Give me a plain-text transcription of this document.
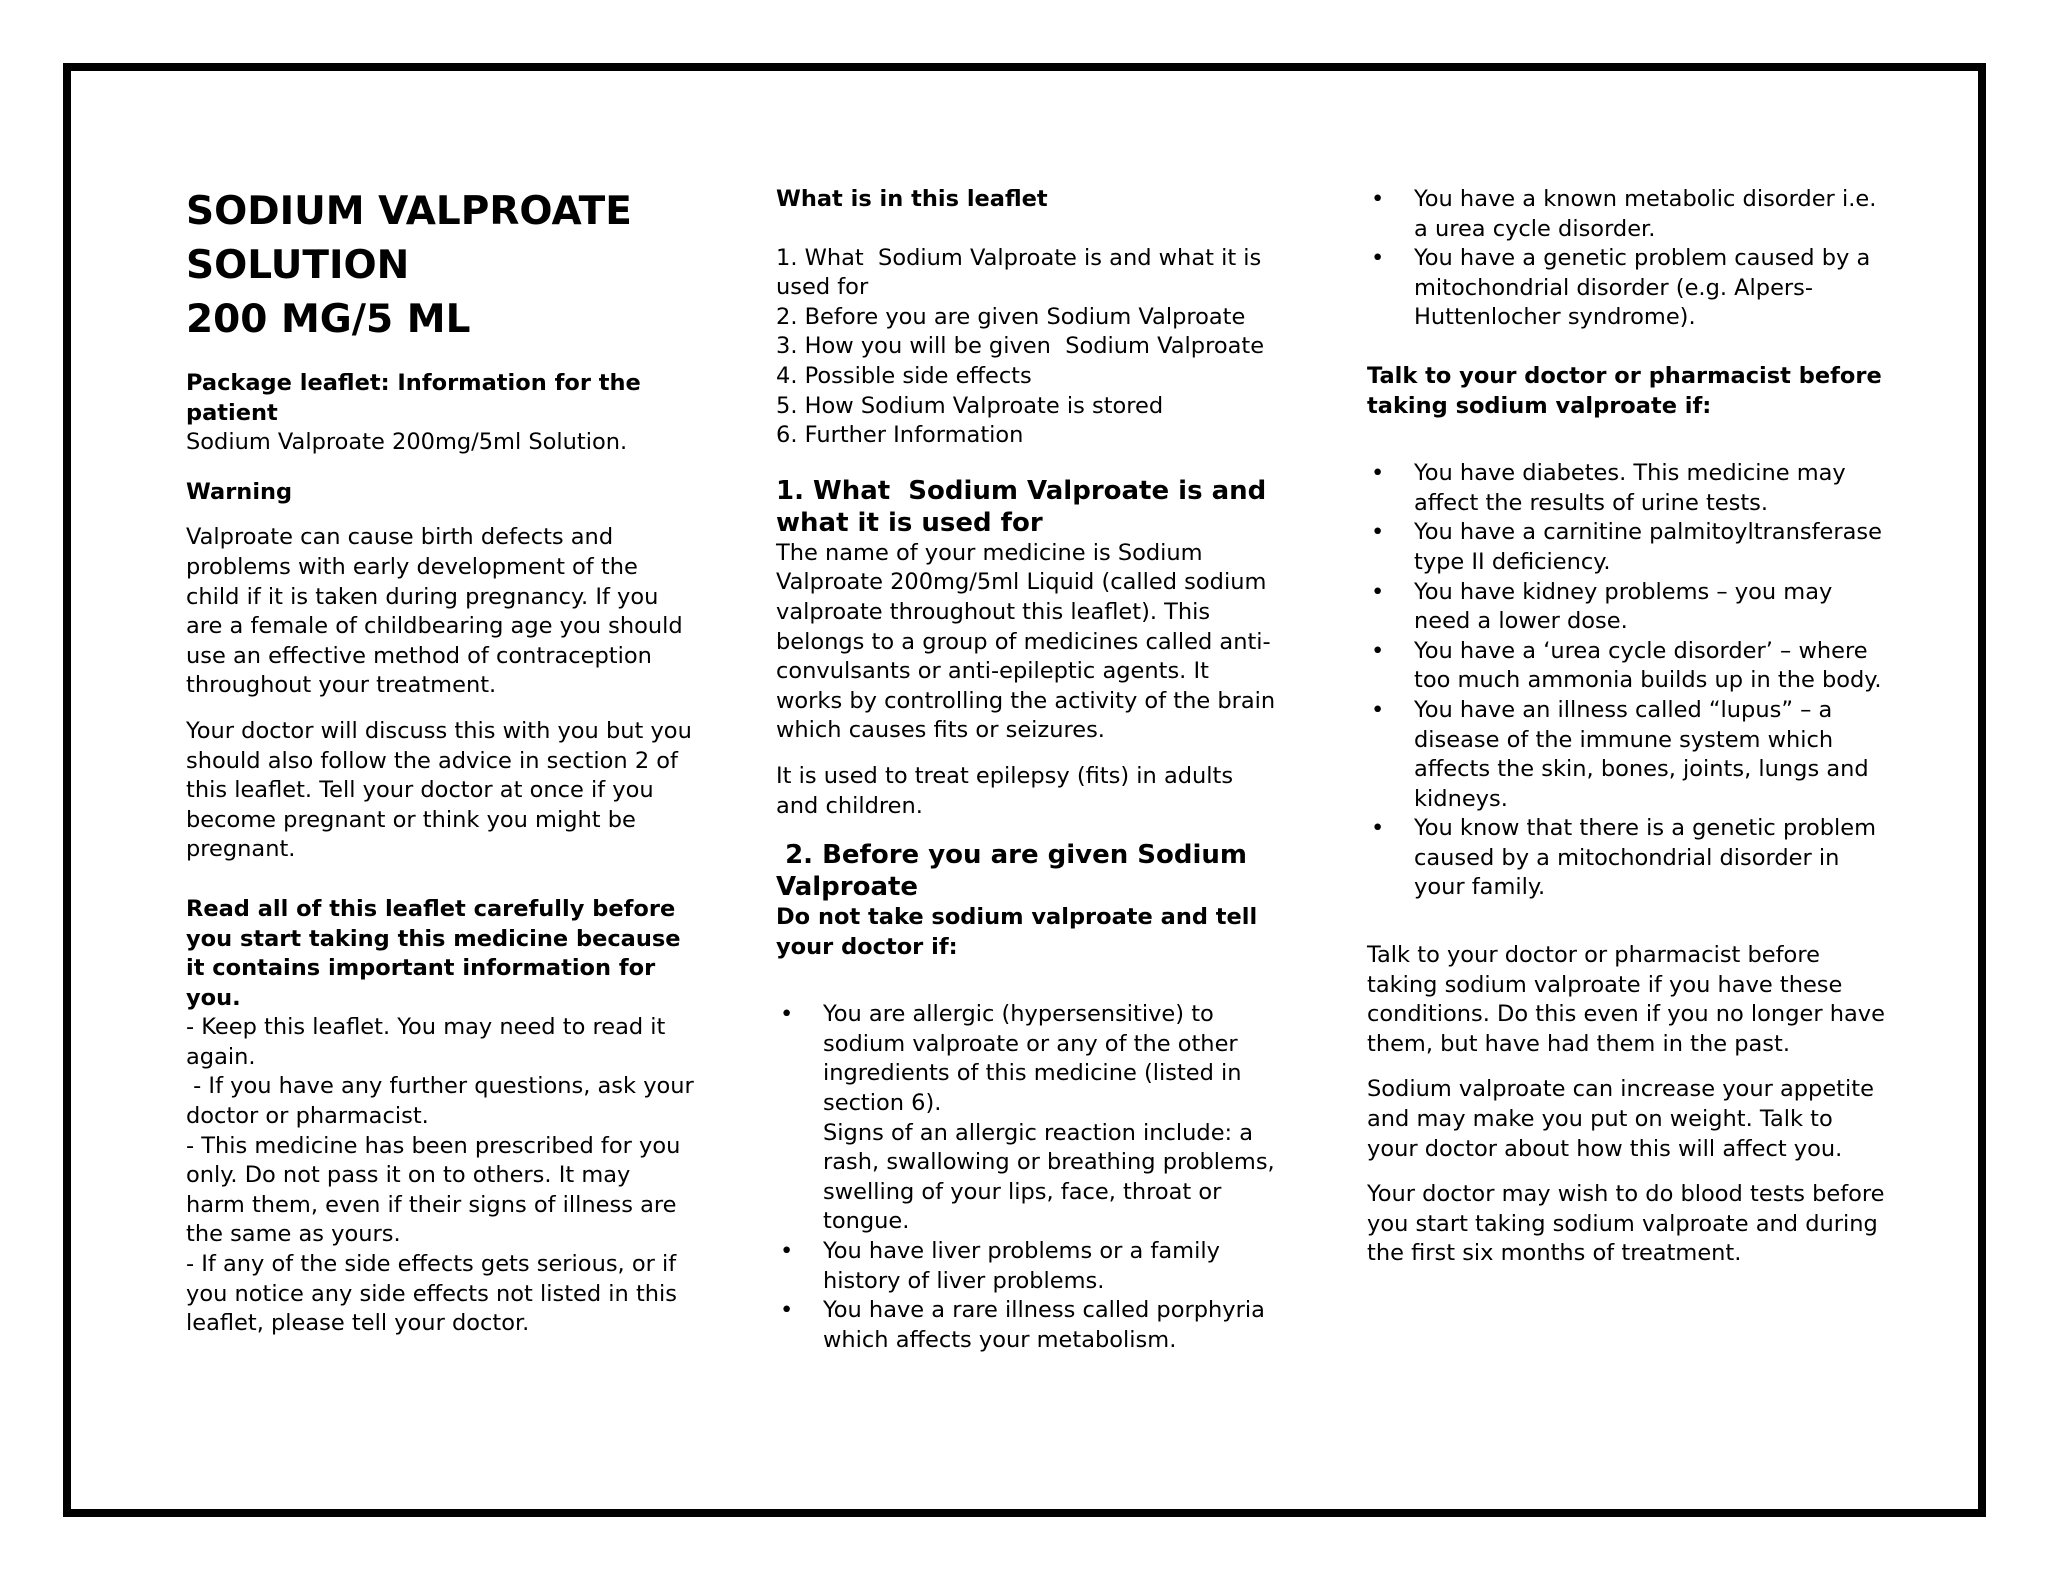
SODIUM VALPROATE
SOLUTION
200 MG/5 ML

Package leaflet: Information for the patient

Sodium Valproate 200mg/5ml Solution.

Warning

Valproate can cause birth defects and problems with early development of the child if it is taken during pregnancy. If you are a female of childbearing age you should use an effective method of contraception throughout your treatment.

Your doctor will discuss this with you but you should also follow the advice in section 2 of this leaflet. Tell your doctor at once if you become pregnant or think you might be pregnant.

Read all of this leaflet carefully before you start taking this medicine because it contains important information for you.

- Keep this leaflet. You may need to read it again.

- If you have any further questions, ask your doctor or pharmacist.

- This medicine has been prescribed for you only. Do not pass it on to others. It may harm them, even if their signs of illness are the same as yours.

- If any of the side effects gets serious, or if you notice any side effects not listed in this leaflet, please tell your doctor.

What is in this leaflet

1. What  Sodium Valproate is and what it is used for
2. Before you are given Sodium Valproate
3. How you will be given  Sodium Valproate
4. Possible side effects
5. How Sodium Valproate is stored
6. Further Information

1. What  Sodium Valproate is and what it is used for

The name of your medicine is Sodium Valproate 200mg/5ml Liquid (called sodium valproate throughout this leaflet). This belongs to a group of medicines called anti-convulsants or anti-epileptic agents. It works by controlling the activity of the brain which causes fits or seizures.

It is used to treat epilepsy (fits) in adults and children.

2. Before you are given Sodium Valproate

Do not take sodium valproate and tell your doctor if:

• You are allergic (hypersensitive) to sodium valproate or any of the other ingredients of this medicine (listed in section 6).
Signs of an allergic reaction include: a rash, swallowing or breathing problems, swelling of your lips, face, throat or tongue.
• You have liver problems or a family history of liver problems.
• You have a rare illness called porphyria which affects your metabolism.
• You have a known metabolic disorder i.e. a urea cycle disorder.
• You have a genetic problem caused by a mitochondrial disorder (e.g. Alpers-Huttenlocher syndrome).

Talk to your doctor or pharmacist before taking sodium valproate if:

• You have diabetes. This medicine may affect the results of urine tests.
• You have a carnitine palmitoyltransferase type II deficiency.
• You have kidney problems – you may need a lower dose.
• You have a ‘urea cycle disorder’ – where too much ammonia builds up in the body.
• You have an illness called “lupus” – a disease of the immune system which affects the skin, bones, joints, lungs and kidneys.
• You know that there is a genetic problem caused by a mitochondrial disorder in your family.

Talk to your doctor or pharmacist before taking sodium valproate if you have these conditions. Do this even if you no longer have them, but have had them in the past.

Sodium valproate can increase your appetite and may make you put on weight. Talk to your doctor about how this will affect you.

Your doctor may wish to do blood tests before you start taking sodium valproate and during the first six months of treatment.
